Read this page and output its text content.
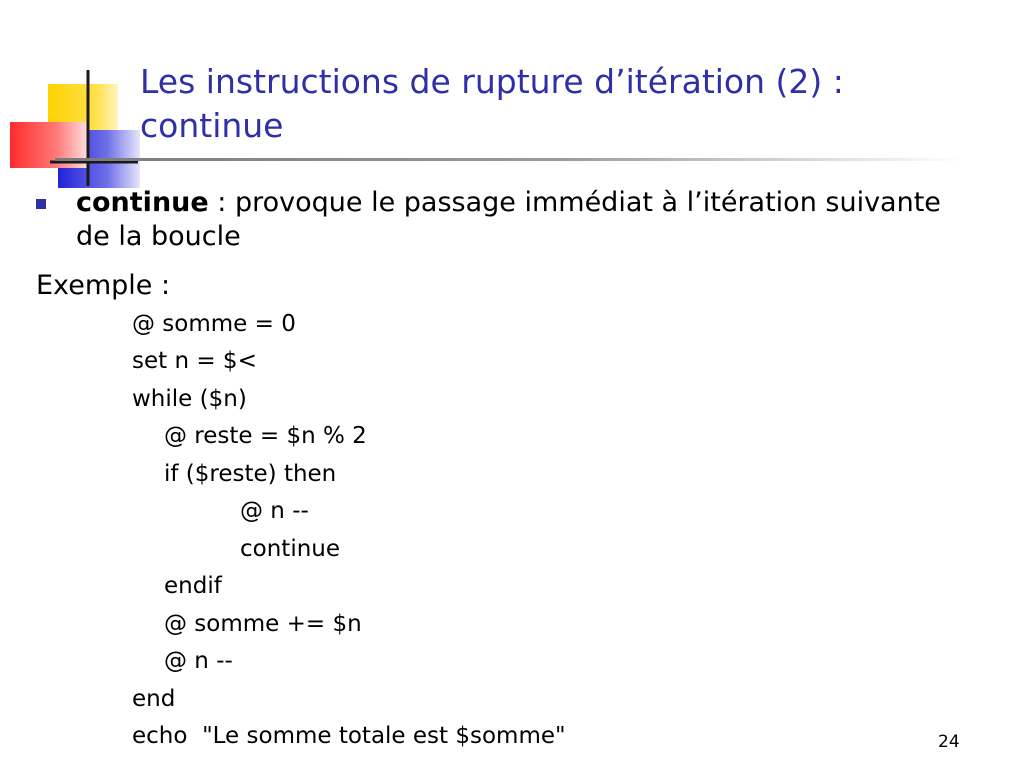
Les instructions de rupture d’itération (2) :
continue
continue : provoque le passage immédiat à l’itération suivante de la boucle
Exemple :
@ somme = 0
set n = $<
while ($n)
@ reste = $n % 2
if ($reste) then
@ n --
continue
endif
@ somme += $n
@ n --
end
echo  "Le somme totale est $somme"	24
